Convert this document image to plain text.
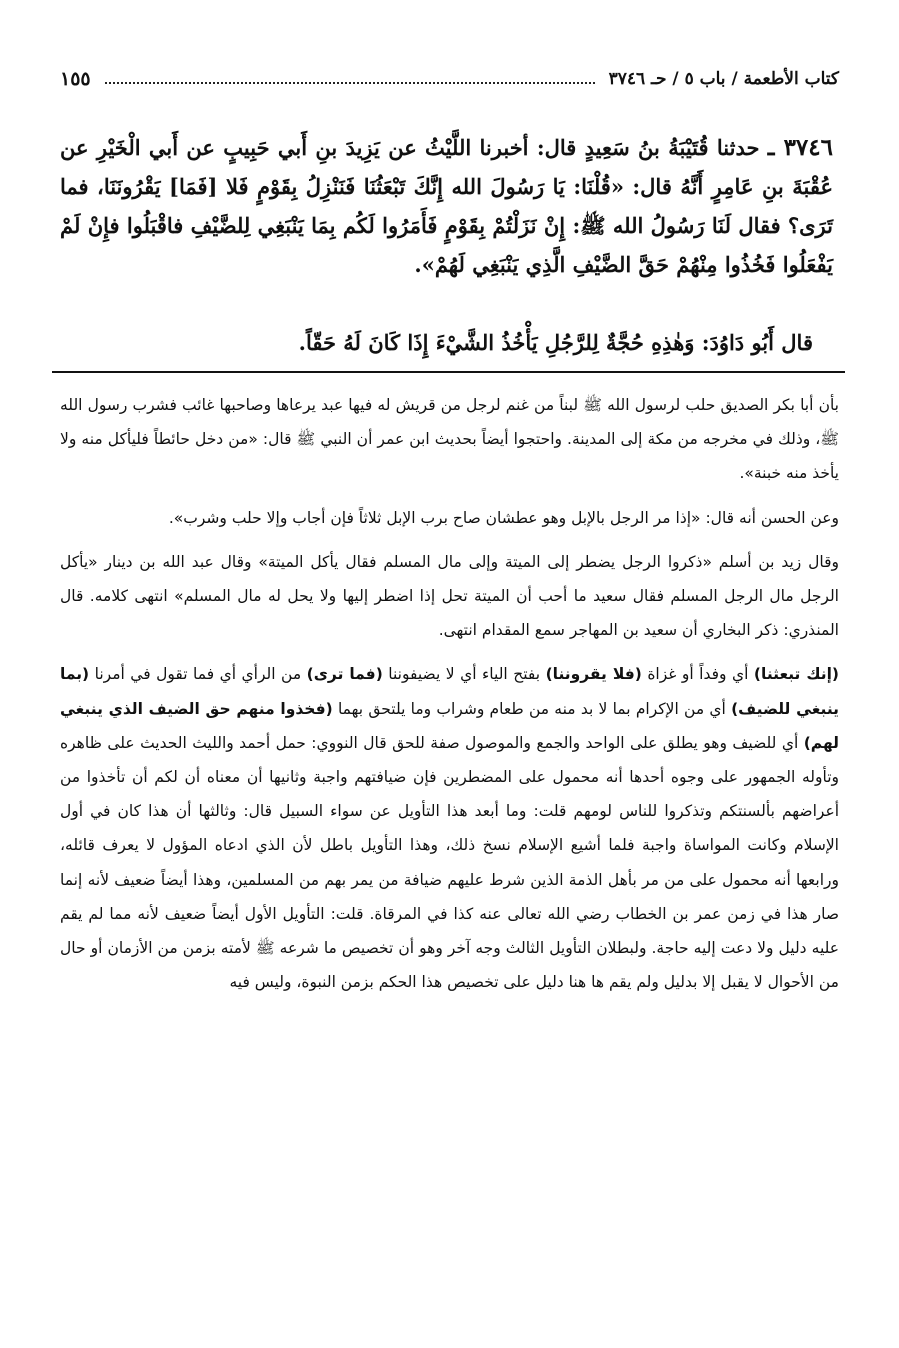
كتاب الأطعمة / باب ٥ / حـ ٣٧٤٦
١٥٥

٣٧٤٦ ـ حدثنا قُتَيْبَةُ بنُ سَعِيدٍ قال: أخبرنا اللَّيْثُ عن يَزِيدَ بنِ أَبي حَبِيبٍ عن أَبي الْخَيْرِ عن عُقْبَةَ بنِ عَامِرٍ أَنَّهُ قال: «قُلْنَا: يَا رَسُولَ الله إِنَّكَ تَبْعَثُنَا فَنَنْزِلُ بِقَوْمٍ فَلا [فَمَا] يَقْرُونَنَا، فما تَرَى؟ فقال لَنَا رَسُولُ الله ﷺ: إِنْ نَزَلْتُمْ بِقَوْمٍ فَأَمَرُوا لَكُم بِمَا يَنْبَغِي لِلضَّيْفِ فاقْبَلُوا فإِنْ لَمْ يَفْعَلُوا فَخُذُوا مِنْهُمْ حَقَّ الضَّيْفِ الَّذِي يَنْبَغِي لَهُمْ».

قال أَبُو دَاوُدَ: وَهٰذِهِ حُجَّةٌ لِلرَّجُلِ يَأْخُذُ الشَّيْءَ إِذَا كَانَ لَهُ حَقّاً.

بأن أبا بكر الصديق حلب لرسول الله ﷺ لبناً من غنم لرجل من قريش له فيها عبد يرعاها وصاحبها غائب فشرب رسول الله ﷺ، وذلك في مخرجه من مكة إلى المدينة. واحتجوا أيضاً بحديث ابن عمر أن النبي ﷺ قال: «من دخل حائطاً فليأكل منه ولا يأخذ منه خبنة».

وعن الحسن أنه قال: «إذا مر الرجل بالإبل وهو عطشان صاح برب الإبل ثلاثاً فإن أجاب وإلا حلب وشرب».

وقال زيد بن أسلم «ذكروا الرجل يضطر إلى الميتة وإلى مال المسلم فقال يأكل الميتة» وقال عبد الله بن دينار «يأكل الرجل مال الرجل المسلم فقال سعيد ما أحب أن الميتة تحل إذا اضطر إليها ولا يحل له مال المسلم» انتهى كلامه. قال المنذري: ذكر البخاري أن سعيد بن المهاجر سمع المقدام انتهى.

(إنك تبعثنا) أي وفداً أو غزاة (فلا يقروننا) بفتح الياء أي لا يضيفوننا (فما ترى) من الرأي أي فما تقول في أمرنا (بما ينبغي للضيف) أي من الإكرام بما لا بد منه من طعام وشراب وما يلتحق بهما (فخذوا منهم حق الضيف الذي ينبغي لهم) أي للضيف وهو يطلق على الواحد والجمع والموصول صفة للحق قال النووي: حمل أحمد والليث الحديث على ظاهره وتأوله الجمهور على وجوه أحدها أنه محمول على المضطرين فإن ضيافتهم واجبة وثانيها أن معناه أن لكم أن تأخذوا من أعراضهم بألسنتكم وتذكروا للناس لومهم قلت: وما أبعد هذا التأويل عن سواء السبيل قال: وثالثها أن هذا كان في أول الإسلام وكانت المواساة واجبة فلما أشيع الإسلام نسخ ذلك، وهذا التأويل باطل لأن الذي ادعاه المؤول لا يعرف قائله، ورابعها أنه محمول على من مر بأهل الذمة الذين شرط عليهم ضيافة من يمر بهم من المسلمين، وهذا أيضاً ضعيف لأنه إنما صار هذا في زمن عمر بن الخطاب رضي الله تعالى عنه كذا في المرقاة. قلت: التأويل الأول أيضاً ضعيف لأنه مما لم يقم عليه دليل ولا دعت إليه حاجة. ولبطلان التأويل الثالث وجه آخر وهو أن تخصيص ما شرعه ﷺ لأمته بزمن من الأزمان أو حال من الأحوال لا يقبل إلا بدليل ولم يقم ها هنا دليل على تخصيص هذا الحكم بزمن النبوة، وليس فيه
